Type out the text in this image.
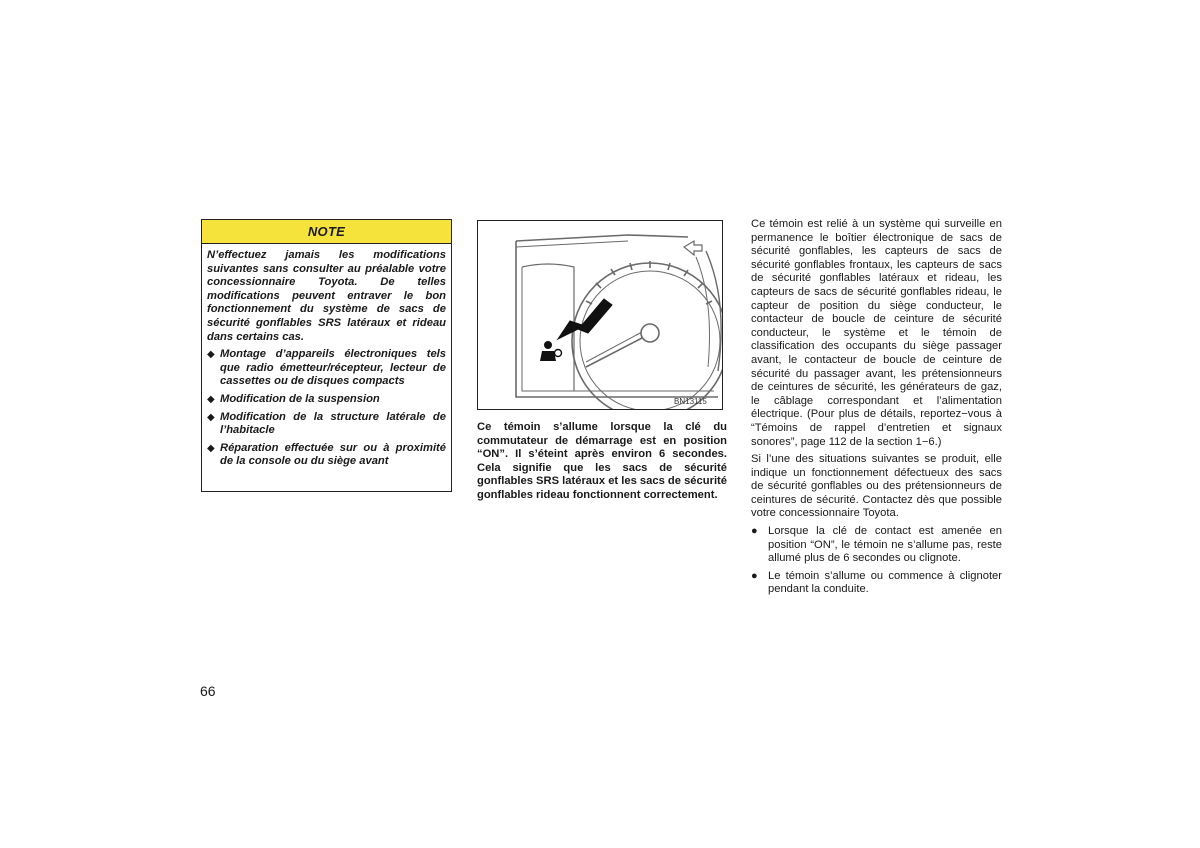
NOTE

N’effectuez jamais les modifications suivantes sans consulter au préalable votre concessionnaire Toyota. De telles modifications peuvent entraver le bon fonctionnement du système de sacs de sécurité gonflables SRS latéraux et rideau dans certains cas.

◆ Montage d’appareils électroniques tels que radio émetteur/récepteur, lecteur de cassettes ou de disques compacts
◆ Modification de la suspension
◆ Modification de la structure latérale de l’habitacle
◆ Réparation effectuée sur ou à proximité de la console ou du siège avant
BN13115

Ce témoin s’allume lorsque la clé du commutateur de démarrage est en position “ON”. Il s’éteint après environ 6 secondes. Cela signifie que les sacs de sécurité gonflables SRS latéraux et les sacs de sécurité gonflables rideau fonctionnent correctement.

Ce témoin est relié à un système qui surveille en permanence le boîtier électronique de sacs de sécurité gonflables, les capteurs de sacs de sécurité gonflables frontaux, les capteurs de sacs de sécurité gonflables latéraux et rideau, les capteurs de sacs de sécurité gonflables rideau, le capteur de position du siège conducteur, le contacteur de boucle de ceinture de sécurité conducteur, le système et le témoin de classification des occupants du siège passager avant, le contacteur de boucle de ceinture de sécurité du passager avant, les prétensionneurs de ceintures de sécurité, les générateurs de gaz, le câblage correspondant et l’alimentation électrique. (Pour plus de détails, reportez−vous à “Témoins de rappel d’entretien et signaux sonores”, page 112 de la section 1−6.)

Si l’une des situations suivantes se produit, elle indique un fonctionnement défectueux des sacs de sécurité gonflables ou des prétensionneurs de ceintures de sécurité. Contactez dès que possible votre concessionnaire Toyota.

● Lorsque la clé de contact est amenée en position “ON”, le témoin ne s’allume pas, reste allumé plus de 6 secondes ou clignote.
● Le témoin s’allume ou commence à clignoter pendant la conduite.
66
